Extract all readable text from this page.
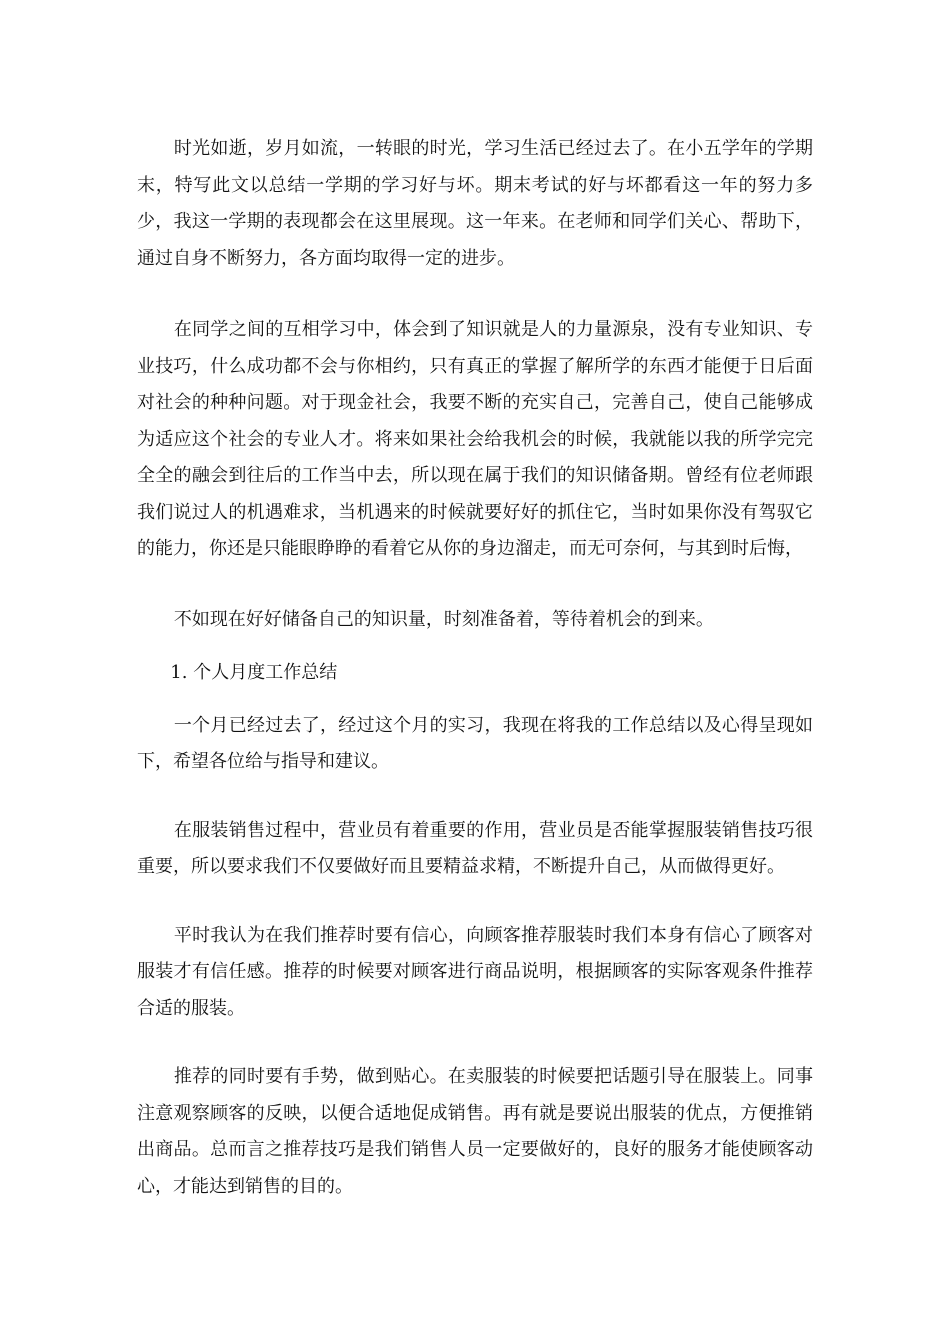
时光如逝，岁月如流，一转眼的时光，学习生活已经过去了。在小五学年的学期末，特写此文以总结一学期的学习好与坏。期末考试的好与坏都看这一年的努力多少，我这一学期的表现都会在这里展现。这一年来。在老师和同学们关心、帮助下，通过自身不断努力，各方面均取得一定的进步。

在同学之间的互相学习中，体会到了知识就是人的力量源泉，没有专业知识、专业技巧，什么成功都不会与你相约，只有真正的掌握了解所学的东西才能便于日后面对社会的种种问题。对于现金社会，我要不断的充实自己，完善自己，使自己能够成为适应这个社会的专业人才。将来如果社会给我机会的时候，我就能以我的所学完完全全的融会到往后的工作当中去，所以现在属于我们的知识储备期。曾经有位老师跟我们说过人的机遇难求，当机遇来的时候就要好好的抓住它，当时如果你没有驾驭它的能力，你还是只能眼睁睁的看着它从你的身边溜走，而无可奈何，与其到时后悔，

不如现在好好储备自己的知识量，时刻准备着，等待着机会的到来。

1. 个人月度工作总结

一个月已经过去了，经过这个月的实习，我现在将我的工作总结以及心得呈现如下，希望各位给与指导和建议。

在服装销售过程中，营业员有着重要的作用，营业员是否能掌握服装销售技巧很重要，所以要求我们不仅要做好而且要精益求精，不断提升自己，从而做得更好。

平时我认为在我们推荐时要有信心，向顾客推荐服装时我们本身有信心了顾客对服装才有信任感。推荐的时候要对顾客进行商品说明，根据顾客的实际客观条件推荐合适的服装。

推荐的同时要有手势，做到贴心。在卖服装的时候要把话题引导在服装上。同事注意观察顾客的反映，以便合适地促成销售。再有就是要说出服装的优点，方便推销出商品。总而言之推荐技巧是我们销售人员一定要做好的，良好的服务才能使顾客动心，才能达到销售的目的。
